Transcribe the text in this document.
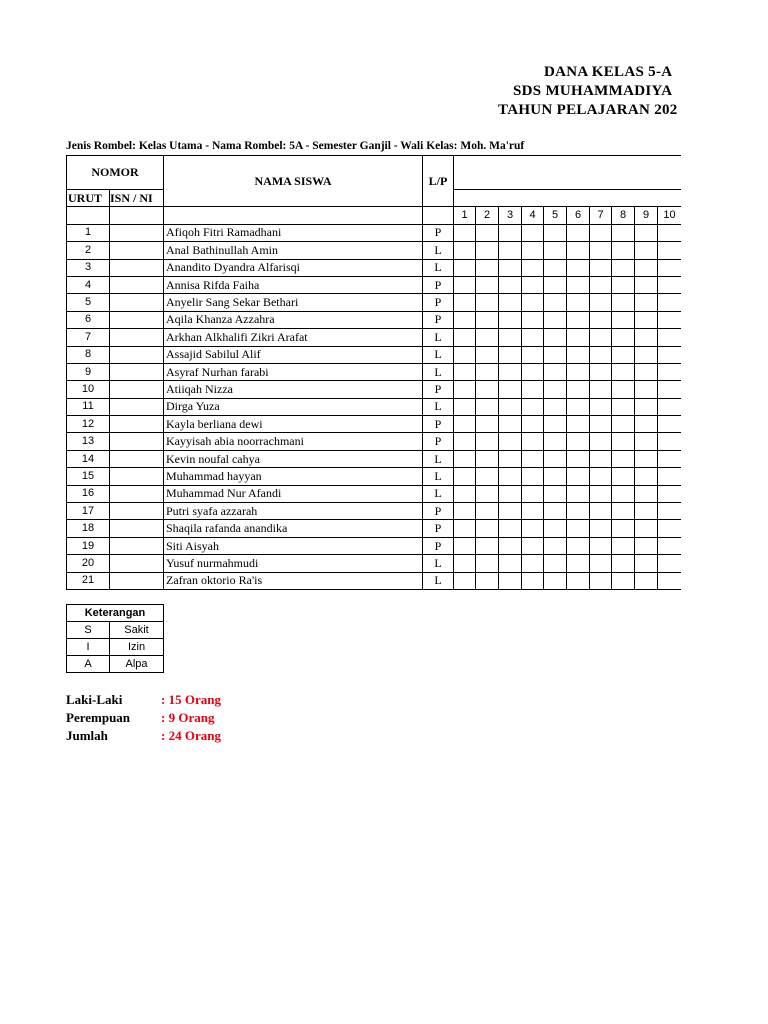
DANA KELAS 5-A
SDS MUHAMMADIYA
TAHUN PELAJARAN 202
Jenis Rombel: Kelas Utama - Nama Rombel: 5A - Semester Ganjil - Wali Kelas: Moh. Ma'ruf
NOMOR		NAMA SISWA	L/P										
URUT	ISN / NI												
				1	2	3	4	5	6	7	8	9	10
1		Afiqoh Fitri Ramadhani	P										
2		Anal Bathinullah Amin	L										
3		Anandito Dyandra Alfarisqi	L										
4		Annisa Rifda Faiha	P										
5		Anyelir Sang Sekar Bethari	P										
6		Aqila Khanza Azzahra	P										
7		Arkhan Alkhalifi Zikri Arafat	L										
8		Assajid Sabilul Alif	L										
9		Asyraf Nurhan farabi	L										
10		Atiiqah Nizza	P										
11		Dirga Yuza	L										
12		Kayla berliana dewi	P										
13		Kayyisah abia noorrachmani	P										
14		Kevin noufal cahya	L										
15		Muhammad hayyan	L										
16		Muhammad Nur Afandi	L										
17		Putri syafa azzarah	P										
18		Shaqila rafanda anandika	P										
19		Siti Aisyah	P										
20		Yusuf nurmahmudi	L										
21		Zafran oktorio Ra'is	L										
Keterangan	
S	Sakit
I	Izin
A	Alpa
Laki-Laki	: 15 Orang
Perempuan : 9 Orang
Jumlah	: 24 Orang
